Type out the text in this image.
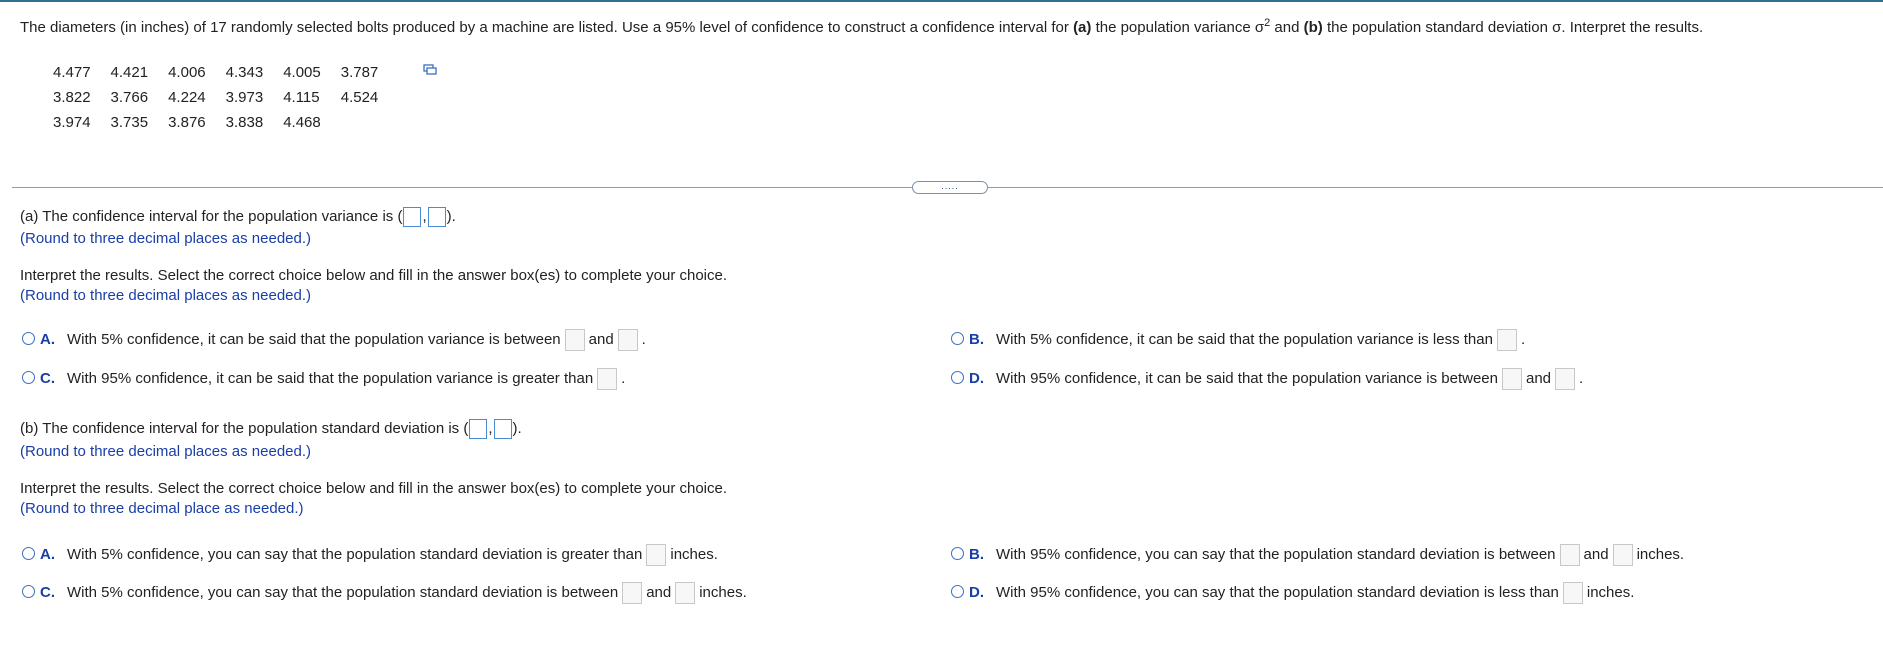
The diameters (in inches) of 17 randomly selected bolts produced by a machine are listed. Use a 95% level of confidence to construct a confidence interval for (a) the population variance $\sigma^2$ and (b) the population standard deviation σ. Interpret the results.
4.477	4.421	4.006	4.343	4.005	3.787
3.822	3.766	4.224	3.973	4.115	4.524
3.974	3.735	3.876	3.838	4.468	
.....
(a) The confidence interval for the population variance is ( , ).
(Round to three decimal places as needed.)
Interpret the results. Select the correct choice below and fill in the answer box(es) to complete your choice.
(Round to three decimal places as needed.)
A. With 5% confidence, it can be said that the population variance is between and .	B. With 5% confidence, it can be said that the population variance is less than .
C. With 95% confidence, it can be said that the population variance is greater than .	D. With 95% confidence, it can be said that the population variance is between and .
(b) The confidence interval for the population standard deviation is ( , ).
(Round to three decimal places as needed.)
Interpret the results. Select the correct choice below and fill in the answer box(es) to complete your choice.
(Round to three decimal place as needed.)
A. With 5% confidence, you can say that the population standard deviation is greater than inches.	B. With 95% confidence, you can say that the population standard deviation is between and inches.
C. With 5% confidence, you can say that the population standard deviation is between and inches.	D. With 95% confidence, you can say that the population standard deviation is less than inches.
